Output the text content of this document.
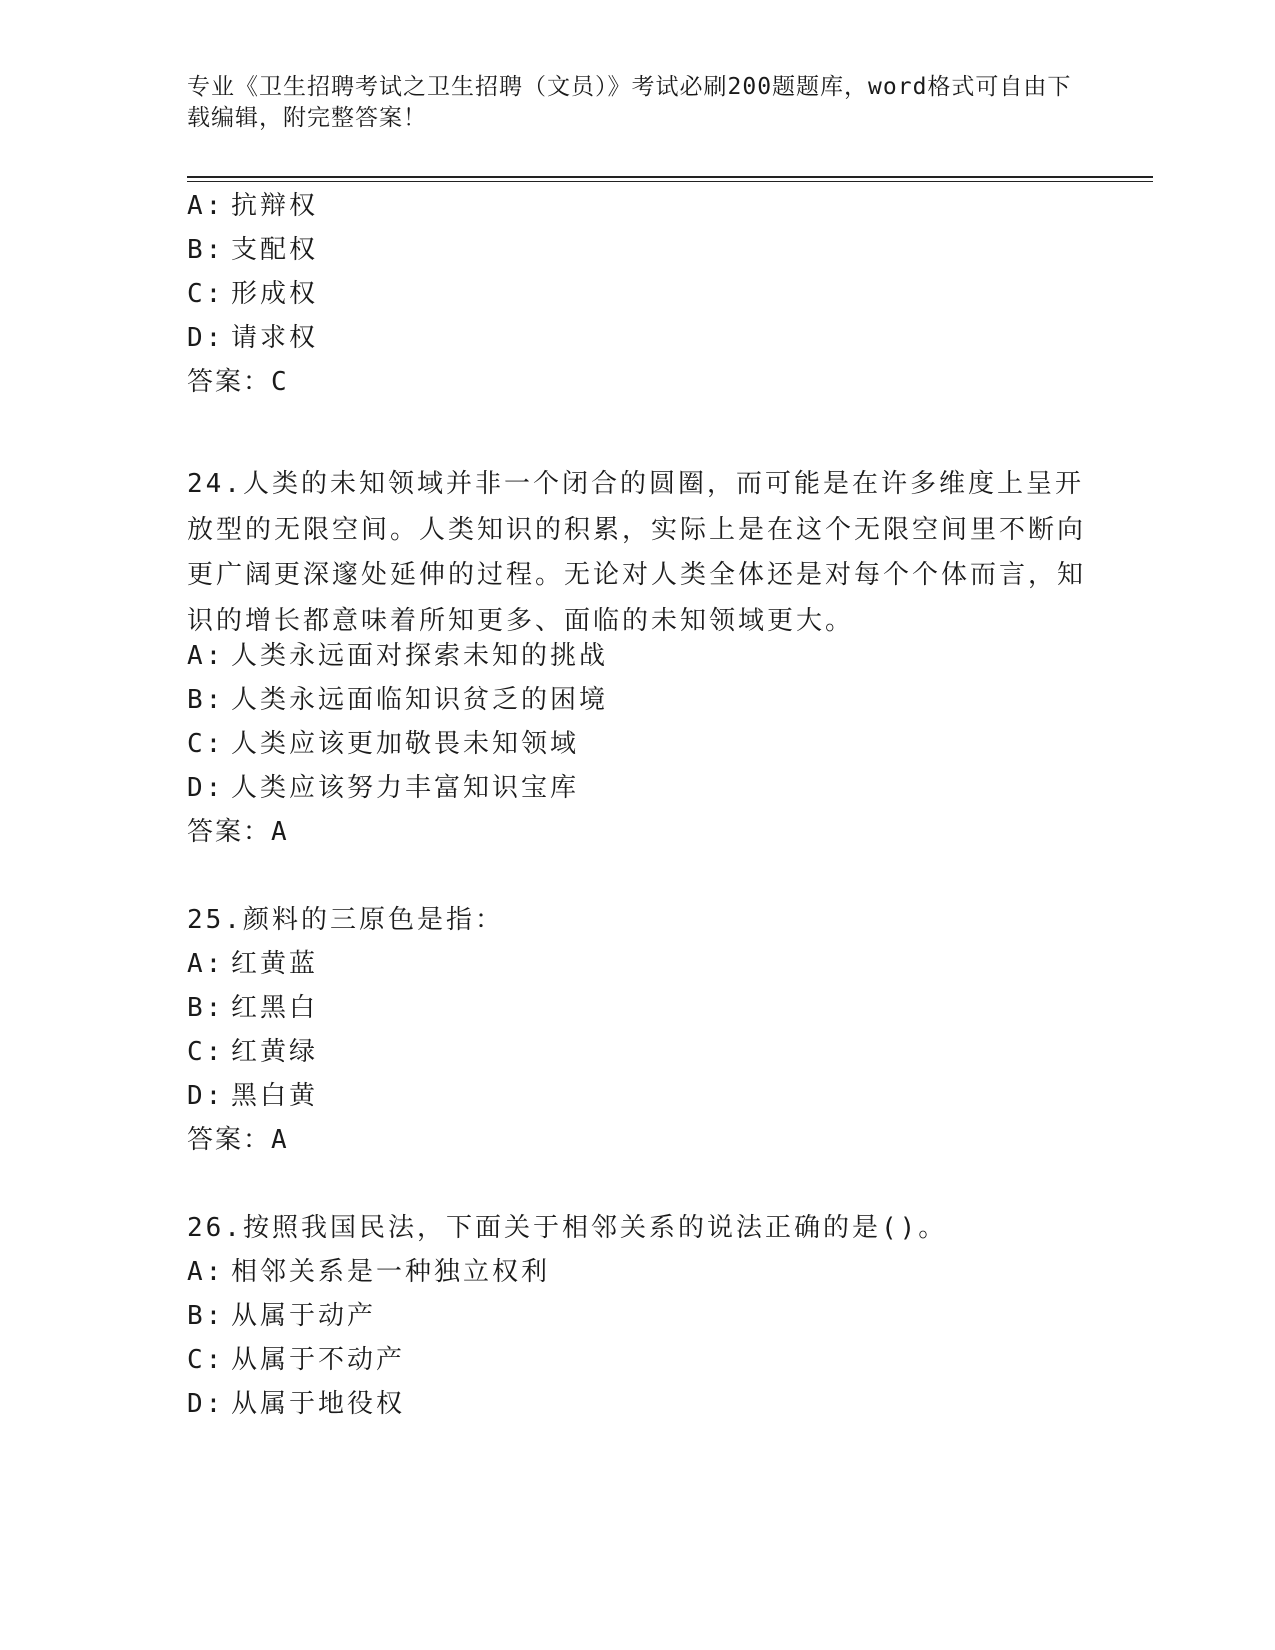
专业《卫生招聘考试之卫生招聘（文员）》考试必刷200题题库，word格式可自由下载编辑，附完整答案！
A: 抗辩权
B: 支配权
C: 形成权
D: 请求权
答案：C
24.人类的未知领域并非一个闭合的圆圈，而可能是在许多维度上呈开放型的无限空间。人类知识的积累，实际上是在这个无限空间里不断向更广阔更深邃处延伸的过程。无论对人类全体还是对每个个体而言，知识的增长都意味着所知更多、面临的未知领域更大。
A: 人类永远面对探索未知的挑战
B: 人类永远面临知识贫乏的困境
C: 人类应该更加敬畏未知领域
D: 人类应该努力丰富知识宝库
答案：A
25.颜料的三原色是指：
A: 红黄蓝
B: 红黑白
C: 红黄绿
D: 黑白黄
答案：A
26.按照我国民法，下面关于相邻关系的说法正确的是()。
A: 相邻关系是一种独立权利
B: 从属于动产
C: 从属于不动产
D: 从属于地役权
